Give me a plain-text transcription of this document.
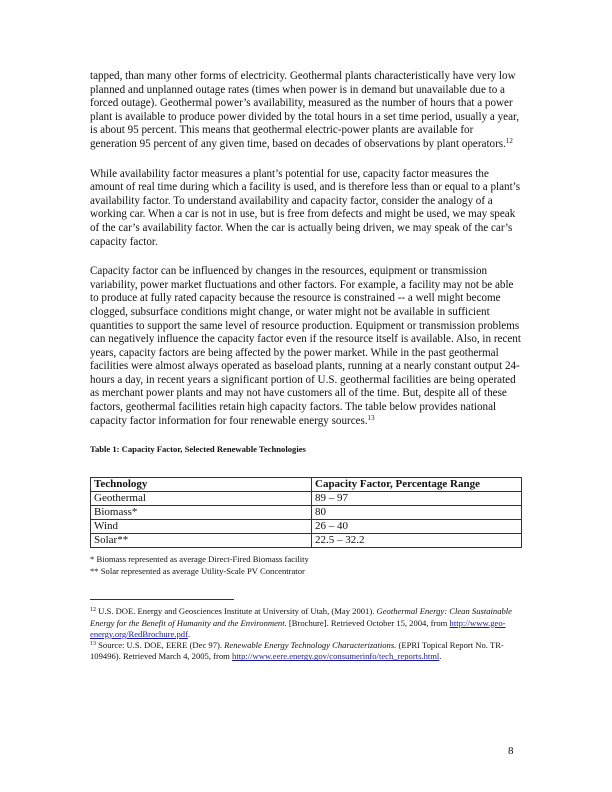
tapped, than many other forms of electricity. Geothermal plants characteristically have very low planned and unplanned outage rates (times when power is in demand but unavailable due to a forced outage). Geothermal power’s availability, measured as the number of hours that a power plant is available to produce power divided by the total hours in a set time period, usually a year, is about 95 percent. This means that geothermal electric-power plants are available for generation 95 percent of any given time, based on decades of observations by plant operators.$^{12}$

While availability factor measures a plant’s potential for use, capacity factor measures the amount of real time during which a facility is used, and is therefore less than or equal to a plant’s availability factor. To understand availability and capacity factor, consider the analogy of a working car. When a car is not in use, but is free from defects and might be used, we may speak of the car’s availability factor. When the car is actually being driven, we may speak of the car’s capacity factor.

Capacity factor can be influenced by changes in the resources, equipment or transmission variability, power market fluctuations and other factors. For example, a facility may not be able to produce at fully rated capacity because the resource is constrained -- a well might become clogged, subsurface conditions might change, or water might not be available in sufficient quantities to support the same level of resource production. Equipment or transmission problems can negatively influence the capacity factor even if the resource itself is available. Also, in recent years, capacity factors are being affected by the power market. While in the past geothermal facilities were almost always operated as baseload plants, running at a nearly constant output 24-hours a day, in recent years a significant portion of U.S. geothermal facilities are being operated as merchant power plants and may not have customers all of the time. But, despite all of these factors, geothermal facilities retain high capacity factors. The table below provides national capacity factor information for four renewable energy sources.$^{13}$

Table 1: Capacity Factor, Selected Renewable Technologies
Technology	Capacity Factor, Percentage Range
Geothermal	89 – 97
Biomass*	80
Wind	26 – 40
Solar**	22.5 – 32.2
* Biomass represented as average Direct-Fired Biomass facility
** Solar represented as average Utility-Scale PV Concentrator
$^{12}$ U.S. DOE. Energy and Geosciences Institute at University of Utah, (May 2001). Geothermal Energy: Clean Sustainable Energy for the Benefit of Humanity and the Environment. [Brochure]. Retrieved October 15, 2004, from http://www.geo-energy.org/RedBrochure.pdf.
$^{13}$ Source: U.S. DOE, EERE (Dec 97). Renewable Energy Technology Characterizations. (EPRI Topical Report No. TR-109496). Retrieved March 4, 2005, from http://www.eere.energy.gov/consumerinfo/tech_reports.html.
8
